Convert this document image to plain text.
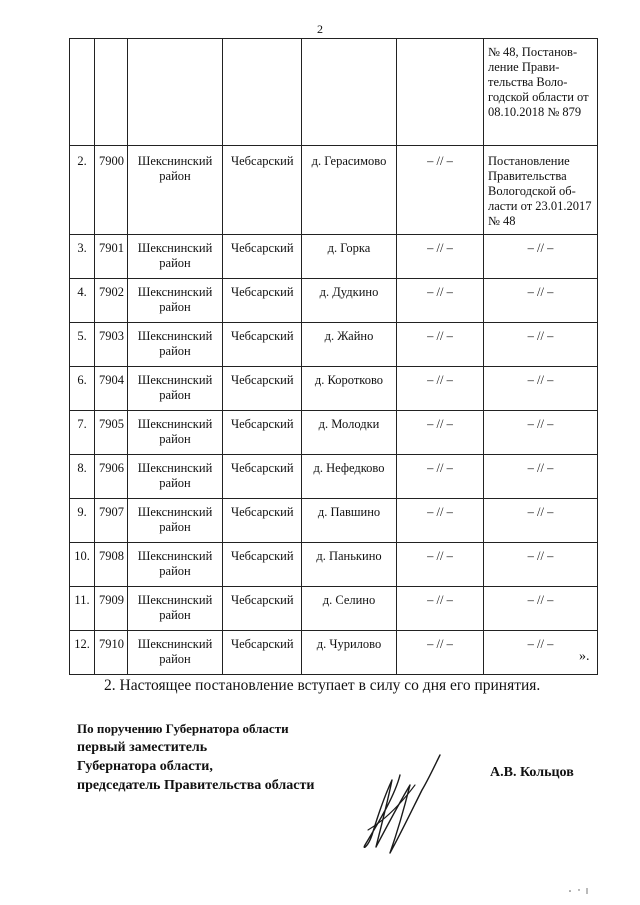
2
						№ 48, Постанов-ление Прави-тельства Воло-годской области от 08.10.2018 № 879
2.	7900	Шекснинский район	Чебсарский	д. Герасимово	– // –	Постановление Правительства Вологодской об-ласти от 23.01.2017 № 48
3.	7901	Шекснинский район	Чебсарский	д. Горка	– // –	– // –
4.	7902	Шекснинский район	Чебсарский	д. Дудкино	– // –	– // –
5.	7903	Шекснинский район	Чебсарский	д. Жайно	– // –	– // –
6.	7904	Шекснинский район	Чебсарский	д. Коротково	– // –	– // –
7.	7905	Шекснинский район	Чебсарский	д. Молодки	– // –	– // –
8.	7906	Шекснинский район	Чебсарский	д. Нефедково	– // –	– // –
9.	7907	Шекснинский район	Чебсарский	д. Павшино	– // –	– // –
10.	7908	Шекснинский район	Чебсарский	д. Панькино	– // –	– // –
11.	7909	Шекснинский район	Чебсарский	д. Селино	– // –	– // –
12.	7910	Шекснинский район	Чебсарский	д. Чурилово	– // –	– // –
».
2. Настоящее постановление вступает в силу со дня его принятия.
По поручению Губернатора области
первый заместитель
Губернатора области,
председатель Правительства области
А.В. Кольцов
